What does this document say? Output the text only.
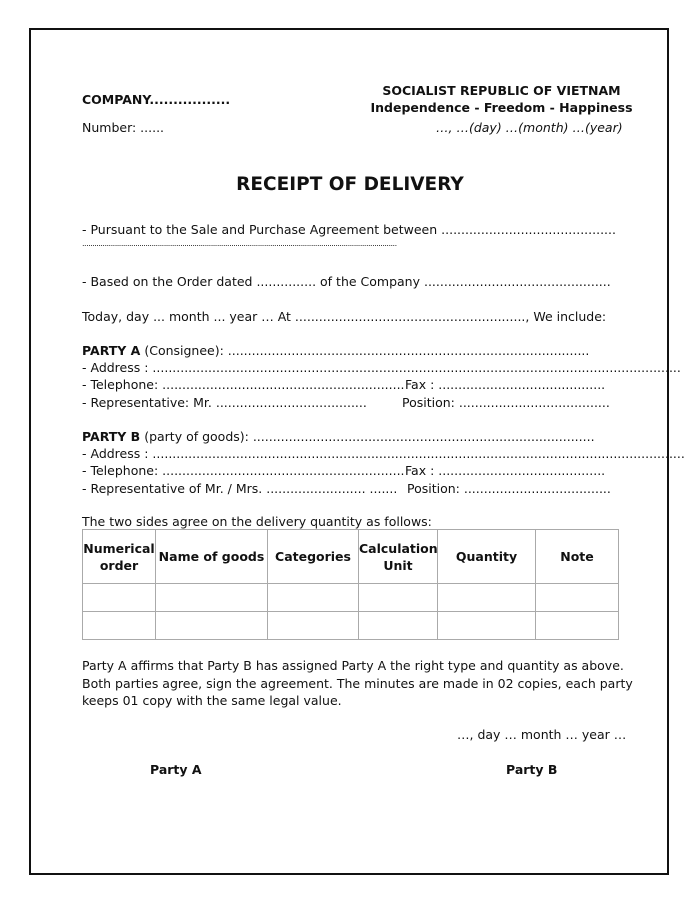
COMPANY.................
Number: ......
SOCIALIST REPUBLIC OF VIETNAM
Independence - Freedom - Happiness
…, …(day) …(month) …(year)
RECEIPT OF DELIVERY
- Pursuant to the Sale and Purchase Agreement between ............................................
..........................................................................................................................................................
- Based on the Order dated ............... of the Company ...............................................
Today, day ... month ... year … At .........................................................., We include:
PARTY A (Consignee): ...........................................................................................
- Address : .....................................................................................................................................
- Telephone: ............................................................. Fax : ..........................................
- Representative: Mr. ......................................	Position: ......................................
PARTY B (party of goods): ......................................................................................
- Address : ......................................................................................................................................
- Telephone: ............................................................. Fax : ..........................................
- Representative of Mr. / Mrs. ......................... ....... Position: .....................................
The two sides agree on the delivery quantity as follows:
Numerical order	Name of goods	Categories	Calculation Unit	Quantity	Note

Party A affirms that Party B has assigned Party A the right type and quantity as above.
Both parties agree, sign the agreement. The minutes are made in 02 copies, each party
keeps 01 copy with the same legal value.
…, day … month … year …
Party A	Party B
